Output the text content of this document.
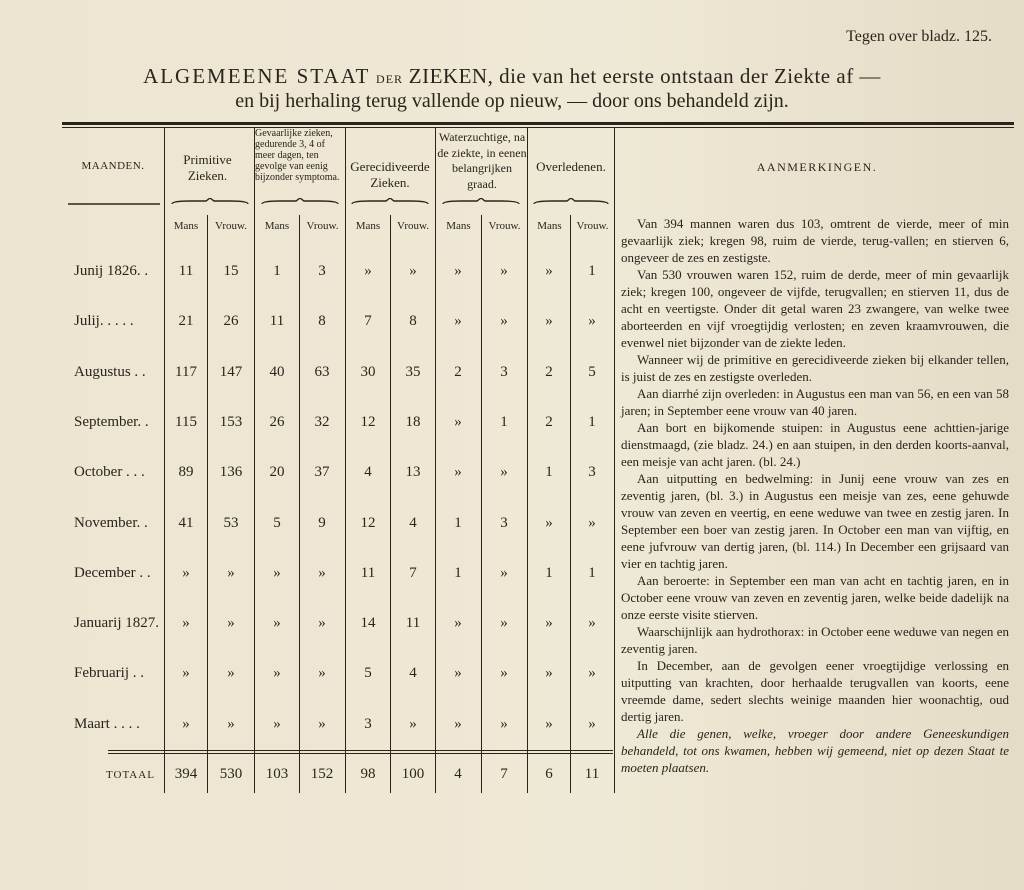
Tegen over bladz. 125.
ALGEMEENE STAAT DER ZIEKEN, die van het eerste ontstaan der Ziekte af —
en bij herhaling terug vallende op nieuw, — door ons behandeld zijn.
MAANDEN.	Primitive Zieken.
Gevaarlijke zieken, gedurende 3, 4 of meer dagen, ten gevolge van eenig bijzonder symptoma.
Gerecidiveerde Zieken.
Waterzuchtige, na de ziekte, in eenen belangrijken graad.
Overledenen.	AANMERKINGEN.
Mans	Vrouw.	Mans	Vrouw.	Mans	Vrouw.	Mans	Vrouw.	Mans	Vrouw.
Junij 1826. .	11	15	1	3	»	»	»	»	»	1
Julij. . . . .	21	26	11	8	7	8	»	»	»	»
Augustus . .	117	147	40	63	30	35	2	3	2	5
September. .	115	153	26	32	12	18	»	1	2	1
October . . .	89	136	20	37	4	13	»	»	1	3
November. .	41	53	5	9	12	4	1	3	»	»
December . .	»	»	»	»	11	7	1	»	1	1
Januarij 1827.	»	»	»	»	14	11	»	»	»	»
Februarij . .	»	»	»	»	5	4	»	»	»	»
Maart . . . .	»	»	»	»	3	»	»	»	»	»
TOTAAL	394	530	103	152	98	100	4	7	6	11

Van 394 mannen waren dus 103, omtrent de vierde, meer of min gevaarlijk ziek; kregen 98, ruim de vierde, terug-vallen; en stierven 6, ongeveer de zes en zestigste.

Van 530 vrouwen waren 152, ruim de derde, meer of min gevaarlijk ziek; kregen 100, ongeveer de vijfde, terugvallen; en stierven 11, dus de acht en veertigste. Onder dit getal waren 23 zwangere, van welke twee aborteerden en vijf vroegtijdig verlosten; en zeven kraamvrouwen, die evenwel niet bijzonder van de ziekte leden.

Wanneer wij de primitive en gerecidiveerde zieken bij elkander tellen, is juist de zes en zestigste overleden.

Aan diarrhé zijn overleden: in Augustus een man van 56, en een van 58 jaren; in September eene vrouw van 40 jaren.

Aan bort en bijkomende stuipen: in Augustus eene achttien-jarige dienstmaagd, (zie bladz. 24.) en aan stuipen, in den derden koorts-aanval, een meisje van acht jaren. (bl. 24.)

Aan uitputting en bedwelming: in Junij eene vrouw van zes en zeventig jaren, (bl. 3.) in Augustus een meisje van zes, eene gehuwde vrouw van zeven en veertig, en eene weduwe van twee en zestig jaren. In September een boer van zestig jaren. In October een man van vijftig, en eene jufvrouw van dertig jaren, (bl. 114.) In December een grijsaard van vier en tachtig jaren.

Aan beroerte: in September een man van acht en tachtig jaren, en in October eene vrouw van zeven en zeventig jaren, welke beide dadelijk na onze eerste visite stierven.

Waarschijnlijk aan hydrothorax: in October eene weduwe van negen en zeventig jaren.

In December, aan de gevolgen eener vroegtijdige verlossing en uitputting van krachten, door herhaalde terugvallen van koorts, eene vreemde dame, sedert slechts weinige maanden hier woonachtig, oud dertig jaren.

Alle die genen, welke, vroeger door andere Geneeskundigen behandeld, tot ons kwamen, hebben wij gemeend, niet op dezen Staat te moeten plaatsen.
